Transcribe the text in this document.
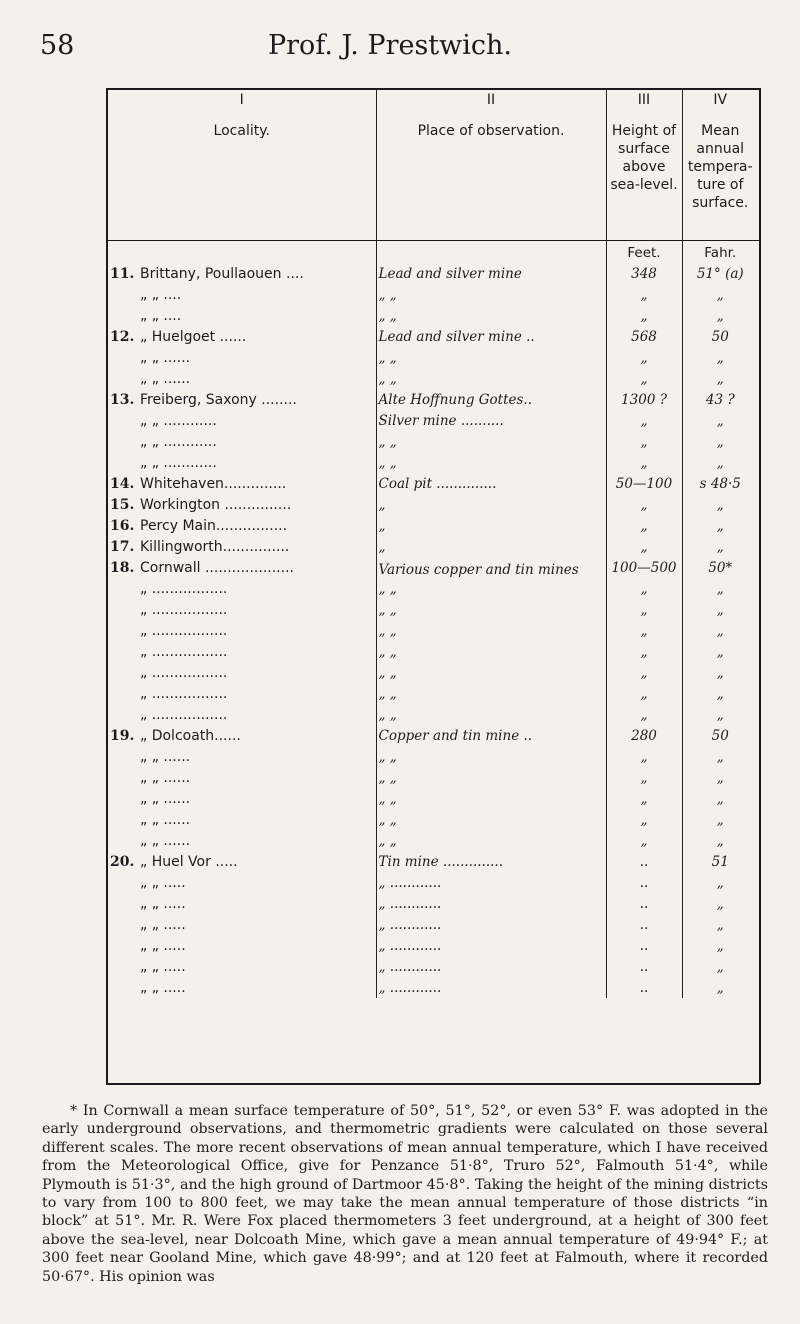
58	Prof. J. Prestwich.
I	II	III	IV
Locality.	Place of observation.	Height of surface above sea-level.	Mean annual tempera- ture of surface.
		Feet.	Fahr.
11. Brittany, Poullaouen ....	Lead and silver mine	348	51° (a)
„ „ ....	„ „	„	„
„ „ ....	„ „	„	„
12. „ Huelgoet ......	Lead and silver mine ..	568	50
„ „ ......	„ „	„	„
„ „ ......	„ „	„	„
13. Freiberg, Saxony ........	Alte Hoffnung Gottes..	1300 ?	43 ?
„ „ ............	Silver mine ..........	„	„
„ „ ............	„ „	„	„
„ „ ............	„ „	„	„
14. Whitehaven..............	Coal pit ..............	50—100	s 48·5
15. Workington ...............	„	„	„
16. Percy Main................	„	„	„
17. Killingworth...............	„	„	„
18. Cornwall ....................	Various copper and tin mines	100—500	50*
„ .................	„ „	„	„
„ .................	„ „	„	„
„ .................	„ „	„	„
„ .................	„ „	„	„
„ .................	„ „	„	„
„ .................	„ „	„	„
„ .................	„ „	„	„
19. „ Dolcoath......	Copper and tin mine ..	280	50
„ „ ......	„ „	„	„
„ „ ......	„ „	„	„
„ „ ......	„ „	„	„
„ „ ......	„ „	„	„
„ „ ......	„ „	„	„
20. „ Huel Vor .....	Tin mine ..............	..	51
„ „ .....	„ ............	..	„
„ „ .....	„ ............	..	„
„ „ .....	„ ............	..	„
„ „ .....	„ ............	..	„
„ „ .....	„ ............	..	„
„ „ .....	„ ............	..	„
* In Cornwall a mean surface temperature of 50°, 51°, 52°, or even 53° F. was adopted in the early underground observations, and thermometric gradients were calculated on those several different scales. The more recent observations of mean annual temperature, which I have received from the Meteorological Office, give for Penzance 51·8°, Truro 52°, Falmouth 51·4°, while Plymouth is 51·3°, and the high ground of Dartmoor 45·8°. Taking the height of the mining districts to vary from 100 to 800 feet, we may take the mean annual temperature of those districts “in block” at 51°. Mr. R. Were Fox placed thermometers 3 feet underground, at a height of 300 feet above the sea-level, near Dolcoath Mine, which gave a mean annual temperature of 49·94° F.; at 300 feet near Gooland Mine, which gave 48·99°; and at 120 feet at Falmouth, where it recorded 50·67°. His opinion was
